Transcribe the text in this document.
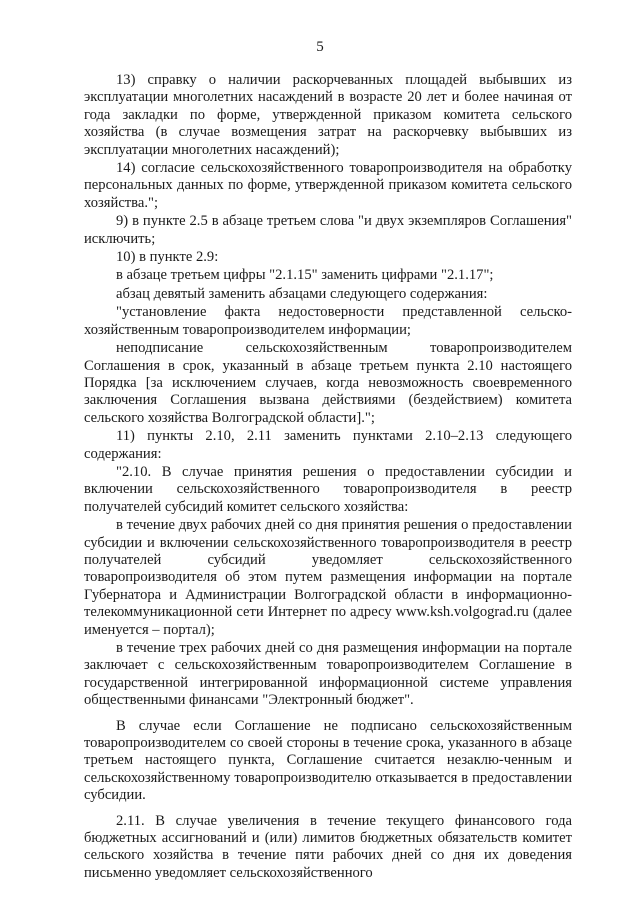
5

13) справку о наличии раскорчеванных площадей выбывших из эксплуатации многолетних насаждений в возрасте 20 лет и более начиная от года закладки по форме, утвержденной приказом комитета сельского хозяйства (в случае возмещения затрат на раскорчевку выбывших из эксплуатации многолетних насаждений);

14) согласие сельскохозяйственного товаропроизводителя на обработку персональных данных по форме, утвержденной приказом комитета сельского хозяйства.";

9) в пункте 2.5 в абзаце третьем слова "и двух экземпляров Соглашения" исключить;

10) в пункте 2.9:

в абзаце третьем цифры "2.1.15" заменить цифрами "2.1.17";

абзац девятый заменить абзацами следующего содержания:

"установление факта недостоверности представленной сельско-хозяйственным товаропроизводителем информации;

неподписание сельскохозяйственным товаропроизводителем Соглашения в срок, указанный в абзаце третьем пункта 2.10 настоящего Порядка [за исключением случаев, когда невозможность своевременного заключения Соглашения вызвана действиями (бездействием) комитета сельского хозяйства Волгоградской области].";

11) пункты 2.10, 2.11 заменить пунктами 2.10–2.13 следующего содержания:

"2.10. В случае принятия решения о предоставлении субсидии и включении сельскохозяйственного товаропроизводителя в реестр получателей субсидий комитет сельского хозяйства:

в течение двух рабочих дней со дня принятия решения о предоставлении субсидии и включении сельскохозяйственного товаропроизводителя в реестр получателей субсидий уведомляет сельскохозяйственного товаропроизводителя об этом путем размещения информации на портале Губернатора и Администрации Волгоградской области в информационно-телекоммуникационной сети Интернет по адресу www.ksh.volgograd.ru (далее именуется – портал);

в течение трех рабочих дней со дня размещения информации на портале заключает с сельскохозяйственным товаропроизводителем Соглашение в государственной интегрированной информационной системе управления общественными финансами "Электронный бюджет".

В случае если Соглашение не подписано сельскохозяйственным товаропроизводителем со своей стороны в течение срока, указанного в абзаце третьем настоящего пункта, Соглашение считается незаклю-ченным и сельскохозяйственному товаропроизводителю отказывается в предоставлении субсидии.

2.11. В случае увеличения в течение текущего финансового года бюджетных ассигнований и (или) лимитов бюджетных обязательств комитет сельского хозяйства в течение пяти рабочих дней со дня их доведения письменно уведомляет сельскохозяйственного
